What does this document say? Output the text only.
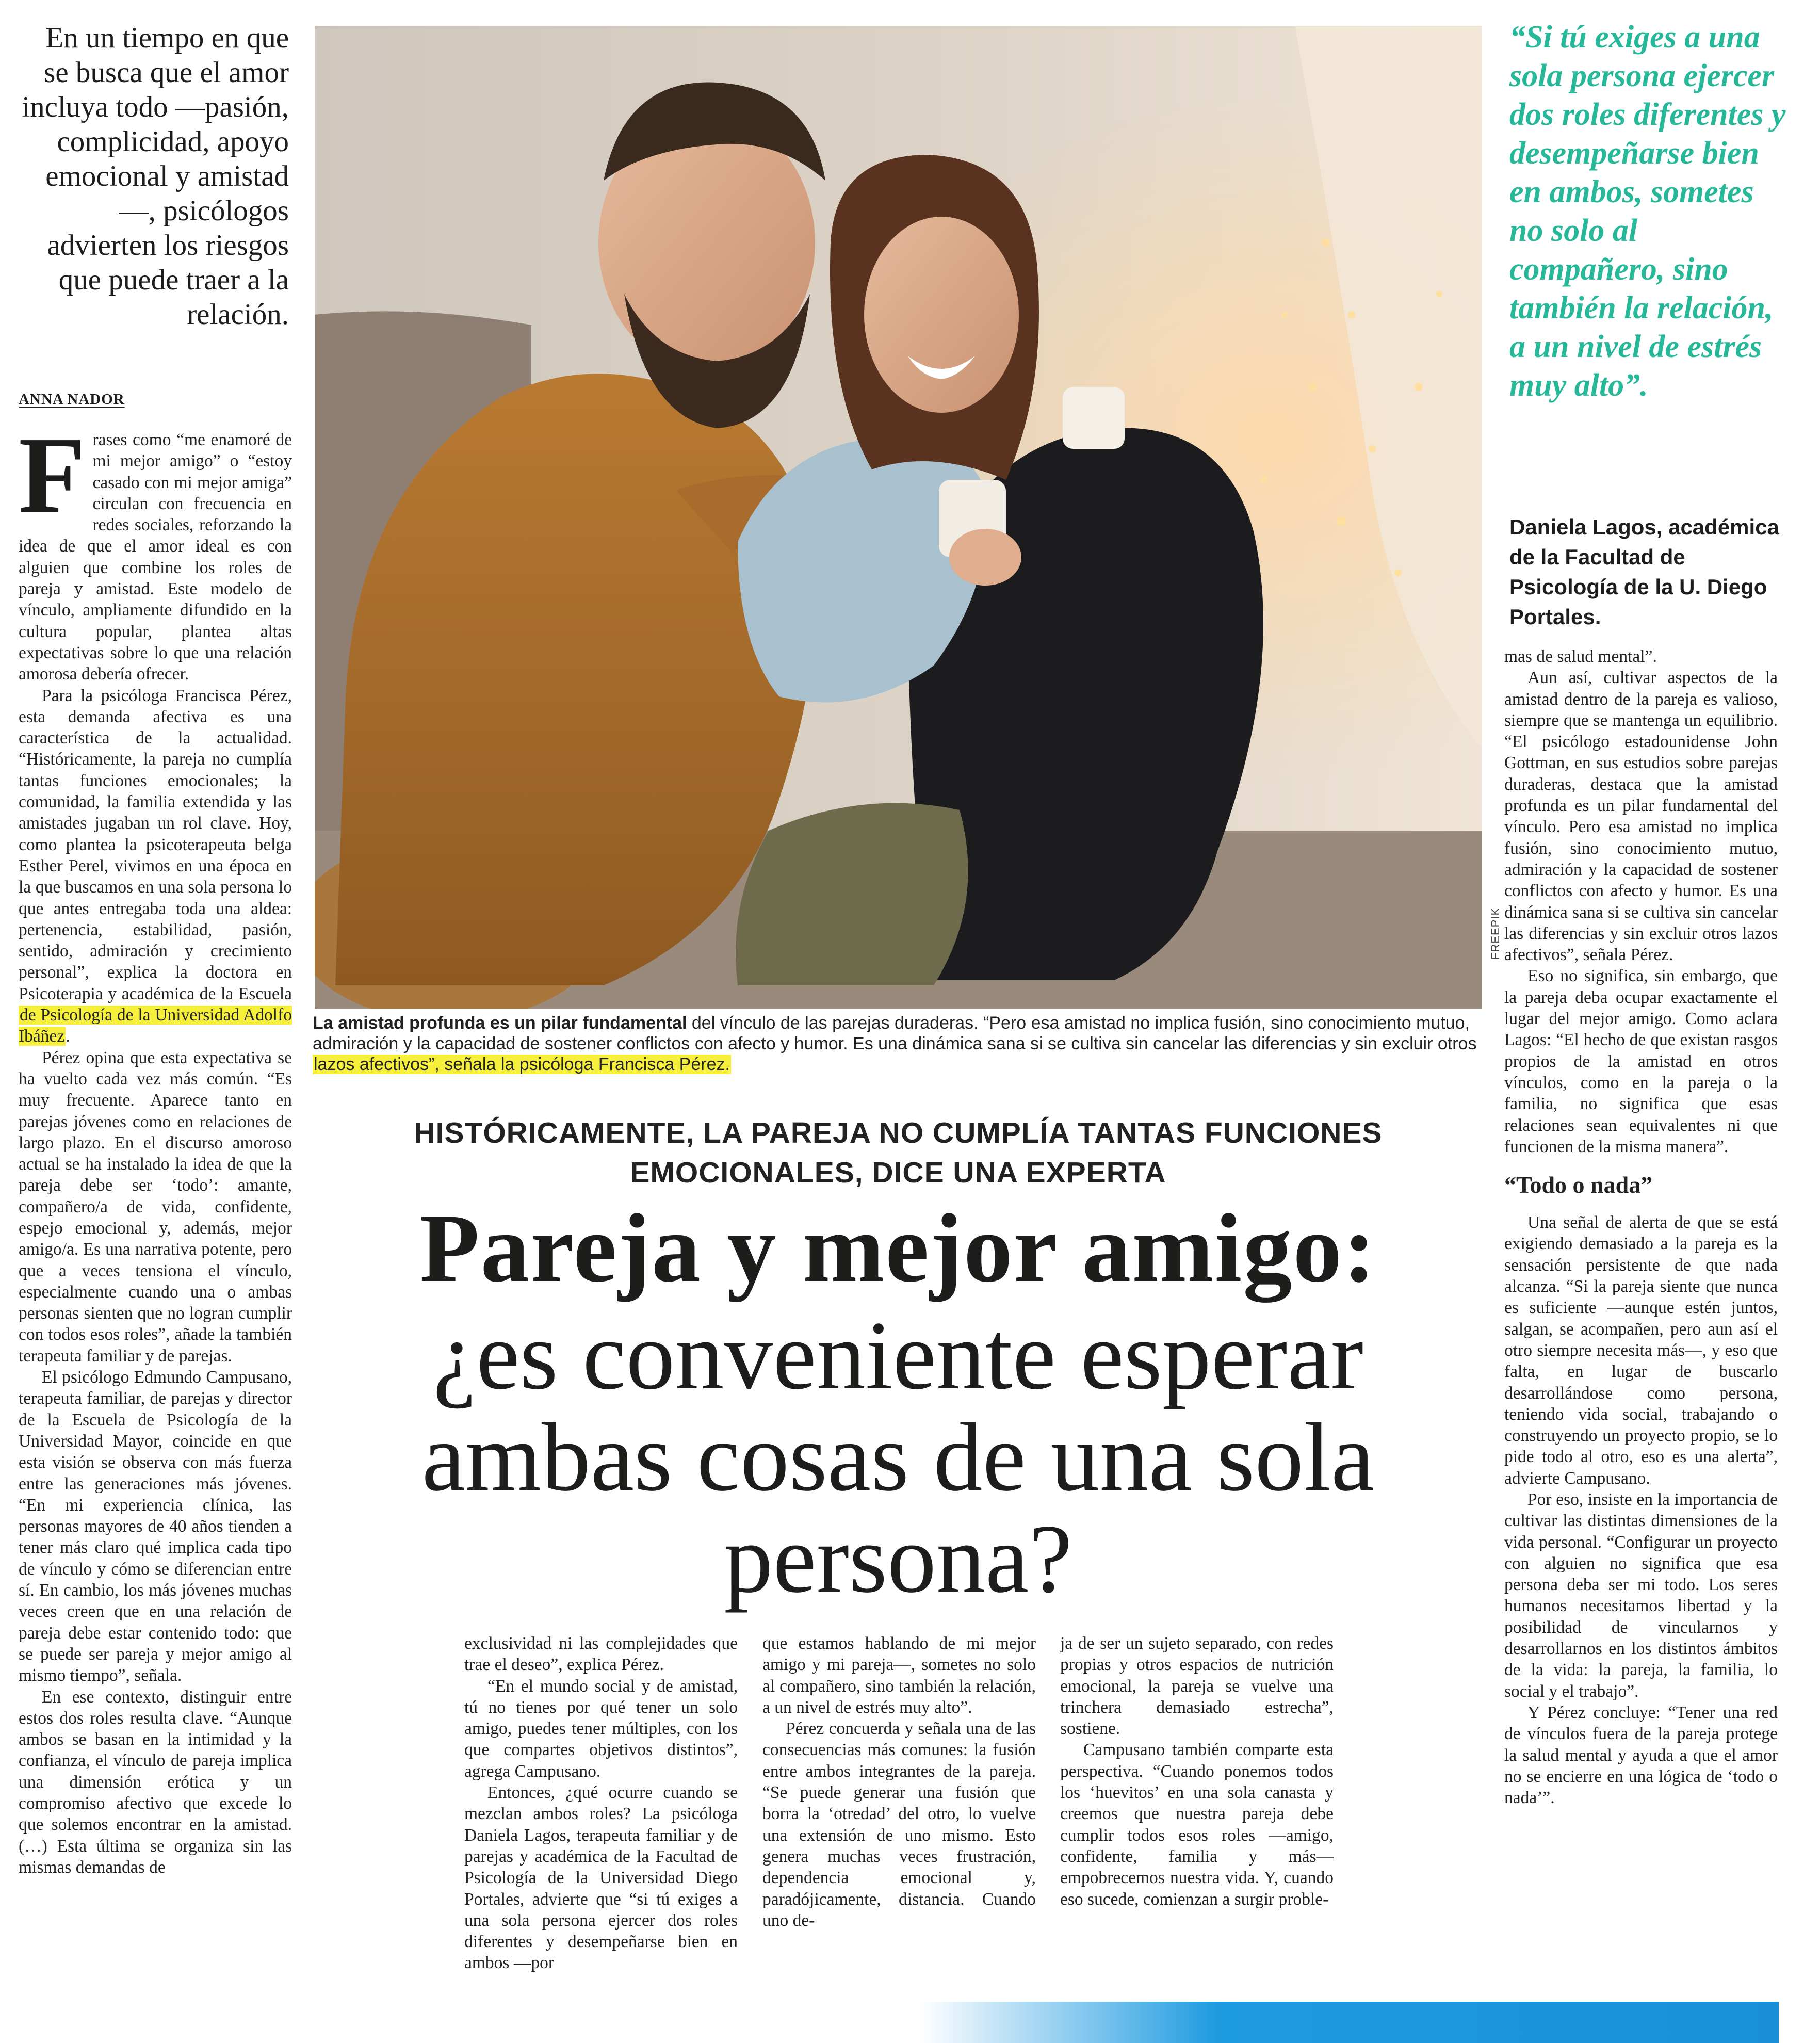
En un tiempo en que se busca que el amor incluya todo —pasión, complicidad, apoyo emocional y amistad—, psicólogos advierten los riesgos que puede traer a la relación.
ANNA NADOR

Frases como “me enamoré de mi mejor amigo” o “estoy casado con mi mejor amiga” circulan con frecuencia en redes sociales, reforzando la idea de que el amor ideal es con alguien que combine los roles de pareja y amistad. Este modelo de vínculo, ampliamente difundido en la cultura popular, plantea altas expectativas sobre lo que una relación amorosa debería ofrecer.

Para la psicóloga Francisca Pérez, esta demanda afectiva es una característica de la actualidad. “Históricamente, la pareja no cumplía tantas funciones emocionales; la comunidad, la familia extendida y las amistades jugaban un rol clave. Hoy, como plantea la psicoterapeuta belga Esther Perel, vivimos en una época en la que buscamos en una sola persona lo que antes entregaba toda una aldea: pertenencia, estabilidad, pasión, sentido, admiración y crecimiento personal”, explica la doctora en Psicoterapia y académica de la Escuela de Psicología de la Universidad Adolfo Ibáñez.

Pérez opina que esta expectativa se ha vuelto cada vez más común. “Es muy frecuente. Aparece tanto en parejas jóvenes como en relaciones de largo plazo. En el discurso amoroso actual se ha instalado la idea de que la pareja debe ser ‘todo’: amante, compañero/a de vida, confidente, espejo emocional y, además, mejor amigo/a. Es una narrativa potente, pero que a veces tensiona el vínculo, especialmente cuando una o ambas personas sienten que no logran cumplir con todos esos roles”, añade la también terapeuta familiar y de parejas.

El psicólogo Edmundo Campusano, terapeuta familiar, de parejas y director de la Escuela de Psicología de la Universidad Mayor, coincide en que esta visión se observa con más fuerza entre las generaciones más jóvenes. “En mi experiencia clínica, las personas mayores de 40 años tienden a tener más claro qué implica cada tipo de vínculo y cómo se diferencian entre sí. En cambio, los más jóvenes muchas veces creen que en una relación de pareja debe estar contenido todo: que se puede ser pareja y mejor amigo al mismo tiempo”, señala.

En ese contexto, distinguir entre estos dos roles resulta clave. “Aunque ambos se basan en la intimidad y la confianza, el vínculo de pareja implica una dimensión erótica y un compromiso afectivo que excede lo que solemos encontrar en la amistad. (…) Esta última se organiza sin las mismas demandas de

FREEPIK
La amistad profunda es un pilar fundamental del vínculo de las parejas duraderas. “Pero esa amistad no implica fusión, sino conocimiento mutuo, admiración y la capacidad de sostener conflictos con afecto y humor. Es una dinámica sana si se cultiva sin cancelar las diferencias y sin excluir otros lazos afectivos”, señala la psicóloga Francisca Pérez.
HISTÓRICAMENTE, LA PAREJA NO CUMPLÍA TANTAS FUNCIONES EMOCIONALES, DICE UNA EXPERTA
Pareja y mejor amigo:
¿es conveniente esperar ambas cosas de una sola persona?

exclusividad ni las complejidades que trae el deseo”, explica Pérez.

“En el mundo social y de amistad, tú no tienes por qué tener un solo amigo, puedes tener múltiples, con los que compartes objetivos distintos”, agrega Campusano.

Entonces, ¿qué ocurre cuando se mezclan ambos roles? La psicóloga Daniela Lagos, terapeuta familiar y de parejas y académica de la Facultad de Psicología de la Universidad Diego Portales, advierte que “si tú exiges a una sola persona ejercer dos roles diferentes y desempeñarse bien en ambos —por

que estamos hablando de mi mejor amigo y mi pareja—, sometes no solo al compañero, sino también la relación, a un nivel de estrés muy alto”.

Pérez concuerda y señala una de las consecuencias más comunes: la fusión entre ambos integrantes de la pareja. “Se puede generar una fusión que borra la ‘otredad’ del otro, lo vuelve una extensión de uno mismo. Esto genera muchas veces frustración, dependencia emocional y, paradójicamente, distancia. Cuando uno de-

ja de ser un sujeto separado, con redes propias y otros espacios de nutrición emocional, la pareja se vuelve una trinchera demasiado estrecha”, sostiene.

Campusano también comparte esta perspectiva. “Cuando ponemos todos los ‘huevitos’ en una sola canasta y creemos que nuestra pareja debe cumplir todos esos roles —amigo, confidente, familia y más— empobrecemos nuestra vida. Y, cuando eso sucede, comienzan a surgir proble-

“Si tú exiges a una sola persona ejercer dos roles diferentes y desempeñarse bien en ambos, sometes no solo al compañero, sino también la relación, a un nivel de estrés muy alto”.
Daniela Lagos, académica de la Facultad de Psicología de la U. Diego Portales.

mas de salud mental”.

Aun así, cultivar aspectos de la amistad dentro de la pareja es valioso, siempre que se mantenga un equilibrio. “El psicólogo estadounidense John Gottman, en sus estudios sobre parejas duraderas, destaca que la amistad profunda es un pilar fundamental del vínculo. Pero esa amistad no implica fusión, sino conocimiento mutuo, admiración y la capacidad de sostener conflictos con afecto y humor. Es una dinámica sana si se cultiva sin cancelar las diferencias y sin excluir otros lazos afectivos”, señala Pérez.

Eso no significa, sin embargo, que la pareja deba ocupar exactamente el lugar del mejor amigo. Como aclara Lagos: “El hecho de que existan rasgos propios de la amistad en otros vínculos, como en la pareja o la familia, no significa que esas relaciones sean equivalentes ni que funcionen de la misma manera”.

“Todo o nada”

Una señal de alerta de que se está exigiendo demasiado a la pareja es la sensación persistente de que nada alcanza. “Si la pareja siente que nunca es suficiente —aunque estén juntos, salgan, se acompañen, pero aun así el otro siempre necesita más—, y eso que falta, en lugar de buscarlo desarrollándose como persona, teniendo vida social, trabajando o construyendo un proyecto propio, se lo pide todo al otro, eso es una alerta”, advierte Campusano.

Por eso, insiste en la importancia de cultivar las distintas dimensiones de la vida personal. “Configurar un proyecto con alguien no significa que esa persona deba ser mi todo. Los seres humanos necesitamos libertad y la posibilidad de vincularnos y desarrollarnos en los distintos ámbitos de la vida: la pareja, la familia, lo social y el trabajo”.

Y Pérez concluye: “Tener una red de vínculos fuera de la pareja protege la salud mental y ayuda a que el amor no se encierre en una lógica de ‘todo o nada’”.
